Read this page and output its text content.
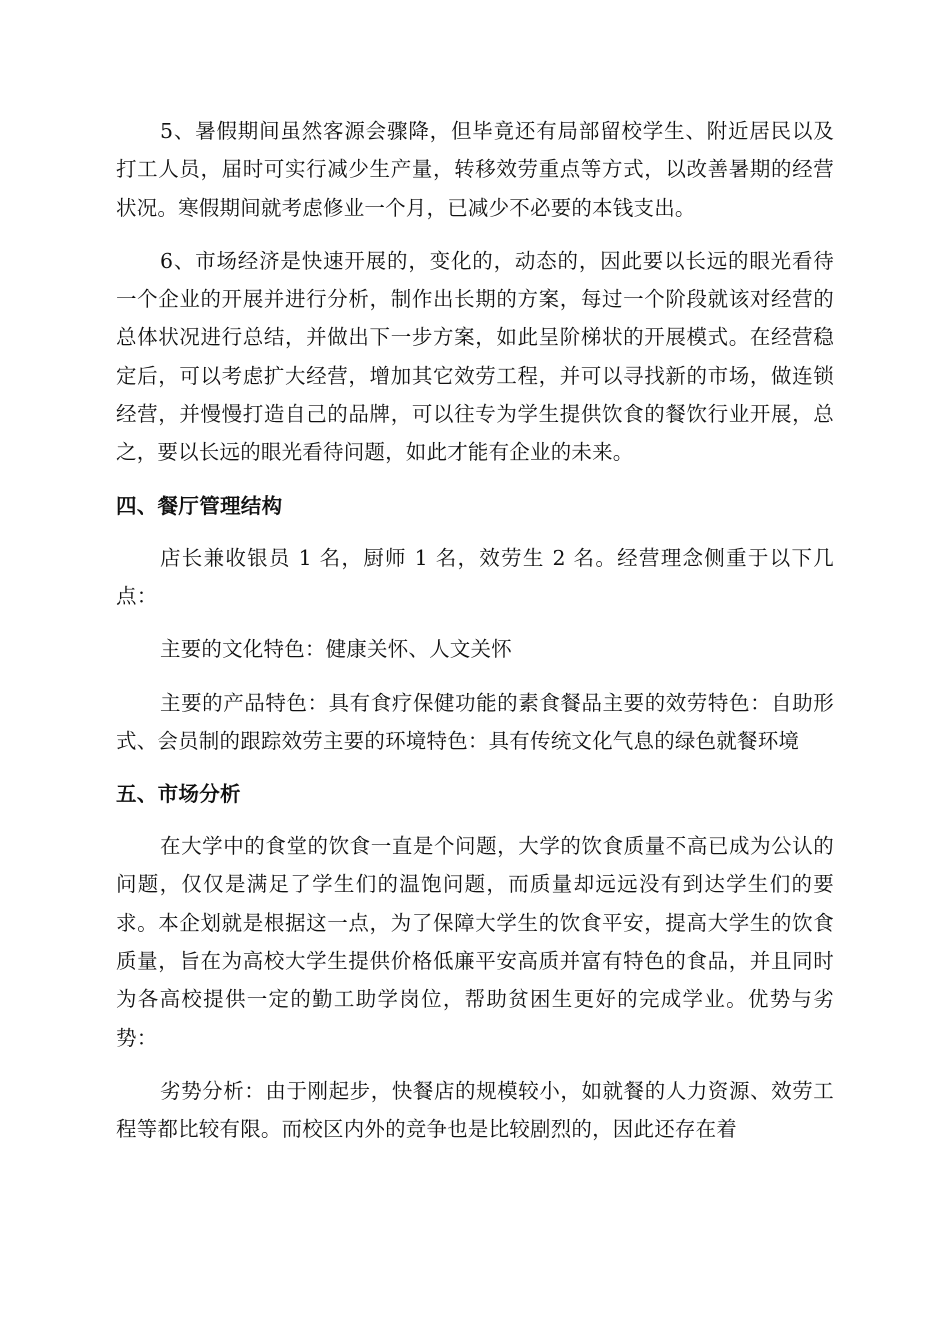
5、暑假期间虽然客源会骤降，但毕竟还有局部留校学生、附近居民以及打工人员，届时可实行减少生产量，转移效劳重点等方式，以改善暑期的经营状况。寒假期间就考虑修业一个月，已减少不必要的本钱支出。

6、市场经济是快速开展的，变化的，动态的，因此要以长远的眼光看待一个企业的开展并进行分析，制作出长期的方案，每过一个阶段就该对经营的总体状况进行总结，并做出下一步方案，如此呈阶梯状的开展模式。在经营稳定后，可以考虑扩大经营，增加其它效劳工程，并可以寻找新的市场，做连锁经营，并慢慢打造自己的品牌，可以往专为学生提供饮食的餐饮行业开展，总之，要以长远的眼光看待问题，如此才能有企业的未来。

四、餐厅管理结构

店长兼收银员 1 名，厨师 1 名，效劳生 2 名。经营理念侧重于以下几点：

主要的文化特色：健康关怀、人文关怀

主要的产品特色：具有食疗保健功能的素食餐品主要的效劳特色：自助形式、会员制的跟踪效劳主要的环境特色：具有传统文化气息的绿色就餐环境

五、市场分析

在大学中的食堂的饮食一直是个问题，大学的饮食质量不高已成为公认的问题，仅仅是满足了学生们的温饱问题，而质量却远远没有到达学生们的要求。本企划就是根据这一点，为了保障大学生的饮食平安，提高大学生的饮食质量，旨在为高校大学生提供价格低廉平安高质并富有特色的食品，并且同时为各高校提供一定的勤工助学岗位，帮助贫困生更好的完成学业。优势与劣势：

劣势分析：由于刚起步，快餐店的规模较小，如就餐的人力资源、效劳工程等都比较有限。而校区内外的竞争也是比较剧烈的，因此还存在着
